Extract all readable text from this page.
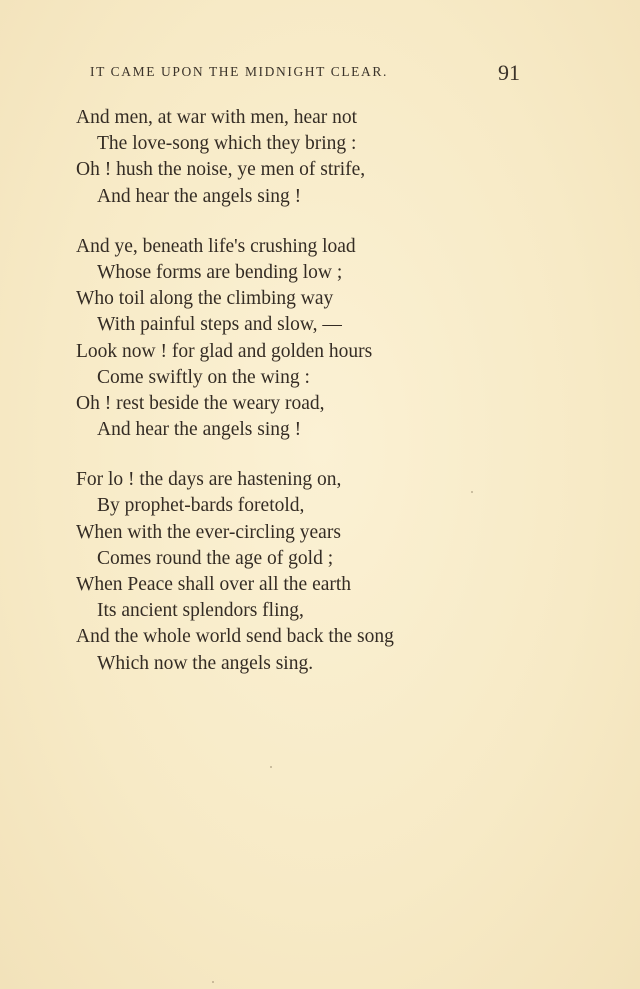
IT CAME UPON THE MIDNIGHT CLEAR.	91
And men, at war with men, hear not
The love-song which they bring :
Oh ! hush the noise, ye men of strife,
And hear the angels sing !
And ye, beneath life's crushing load
Whose forms are bending low ;
Who toil along the climbing way
With painful steps and slow, —
Look now ! for glad and golden hours
Come swiftly on the wing :
Oh ! rest beside the weary road,
And hear the angels sing !
For lo ! the days are hastening on,
By prophet-bards foretold,
When with the ever-circling years
Comes round the age of gold ;
When Peace shall over all the earth
Its ancient splendors fling,
And the whole world send back the song
Which now the angels sing.
